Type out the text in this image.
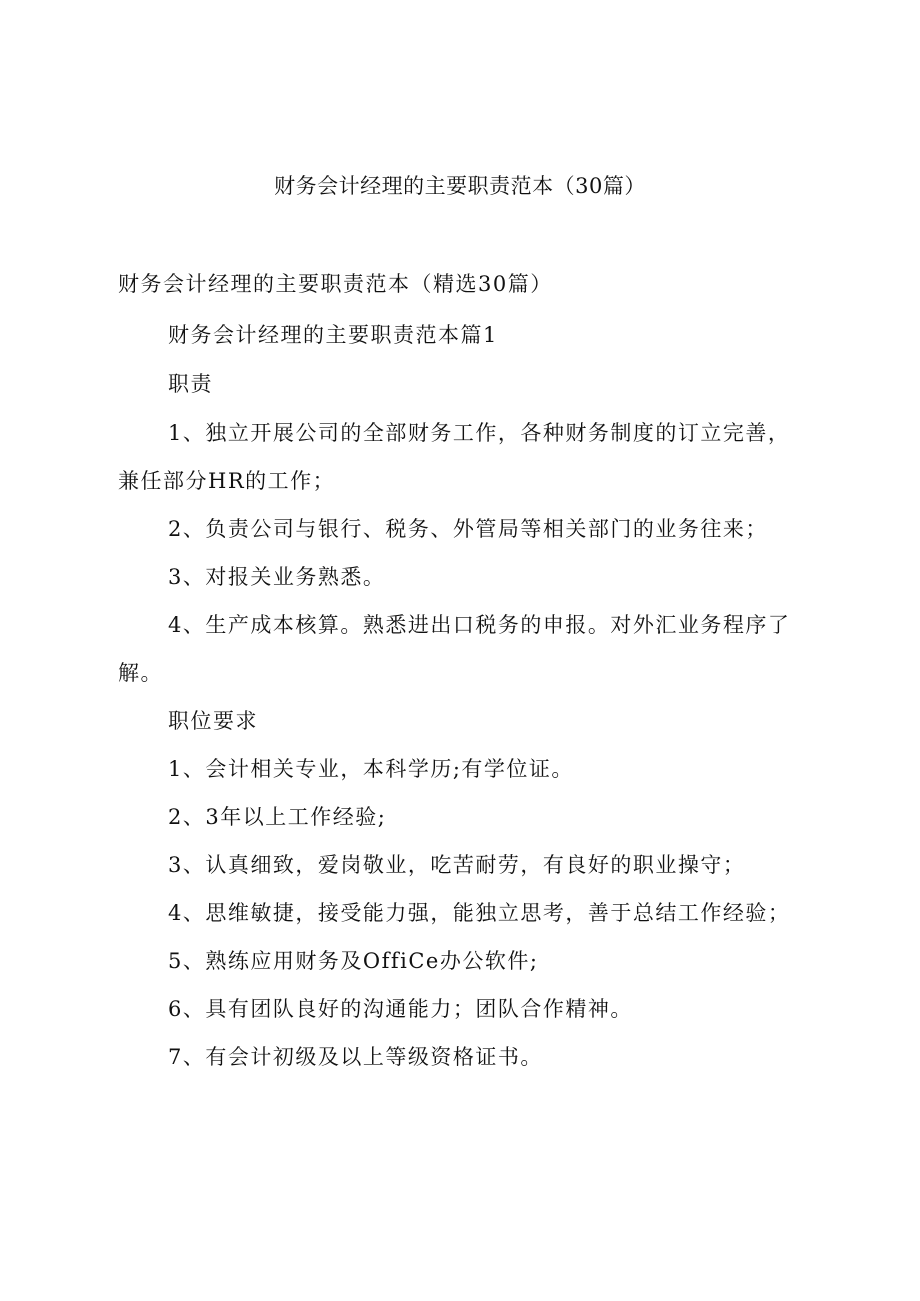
财务会计经理的主要职责范本（30篇）
财务会计经理的主要职责范本（精选30篇）
财务会计经理的主要职责范本篇1
职责
1、独立开展公司的全部财务工作，各种财务制度的订立完善，
兼任部分HR的工作；
2、负责公司与银行、税务、外管局等相关部门的业务往来；
3、对报关业务熟悉。
4、生产成本核算。熟悉进出口税务的申报。对外汇业务程序了
解。
职位要求
1、会计相关专业，本科学历;有学位证。
2、3年以上工作经验;
3、认真细致，爱岗敬业，吃苦耐劳，有良好的职业操守；
4、思维敏捷，接受能力强，能独立思考，善于总结工作经验；
5、熟练应用财务及OffiCe办公软件;
6、具有团队良好的沟通能力；团队合作精神。
7、有会计初级及以上等级资格证书。
